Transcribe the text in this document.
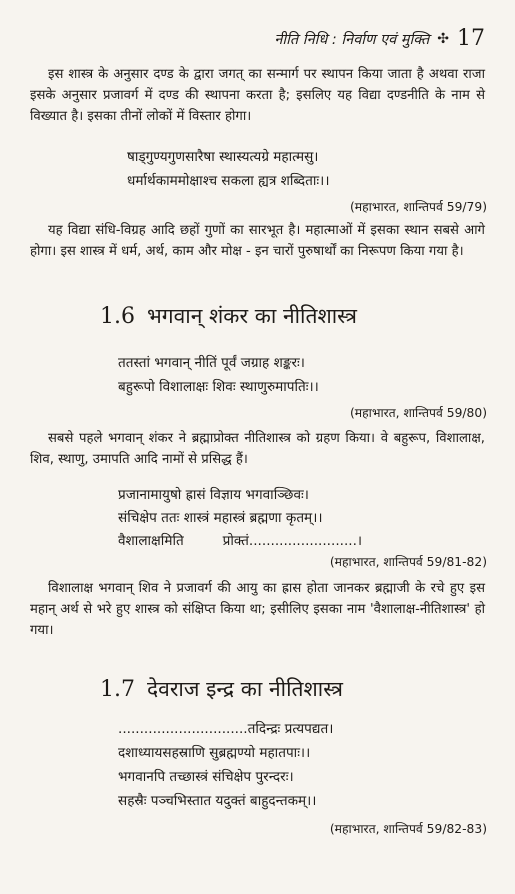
नीति निधि : निर्वाण एवं मुक्ति ✣ 17

इस शास्त्र के अनुसार दण्ड के द्वारा जगत् का सन्मार्ग पर स्थापन किया जाता है अथवा राजा इसके अनुसार प्रजावर्ग में दण्ड की स्थापना करता है; इसलिए यह विद्या दण्डनीति के नाम से विख्यात है। इसका तीनों लोकों में विस्तार होगा।

षाड्गुण्यगुणसारैषा स्थास्यत्यग्रे महात्मसु।
धर्मार्थकाममोक्षाश्च सकला ह्यत्र शब्दिताः।।
(महाभारत, शान्तिपर्व 59/79)

यह विद्या संधि-विग्रह आदि छहों गुणों का सारभूत है। महात्माओं में इसका स्थान सबसे आगे होगा। इस शास्त्र में धर्म, अर्थ, काम और मोक्ष - इन चारों पुरुषार्थों का निरूपण किया गया है।

1.6 भगवान् शंकर का नीतिशास्त्र
ततस्तां भगवान् नीतिं पूर्वं जग्राह शङ्करः।
बहुरूपो विशालाक्षः शिवः स्थाणुरुमापतिः।।
(महाभारत, शान्तिपर्व 59/80)

सबसे पहले भगवान् शंकर ने ब्रह्माप्रोक्त नीतिशास्त्र को ग्रहण किया। वे बहुरूप, विशालाक्ष, शिव, स्थाणु, उमापति आदि नामों से प्रसिद्ध हैं।

प्रजानामायुषो ह्रासं विज्ञाय भगवाञ्छिवः।
संचिक्षेप ततः शास्त्रं महास्त्रं ब्रह्मणा कृतम्।।
वैशालाक्षमिति         प्रोक्तं.........................।
(महाभारत, शान्तिपर्व 59/81-82)

विशालाक्ष भगवान् शिव ने प्रजावर्ग की आयु का ह्रास होता जानकर ब्रह्माजी के रचे हुए इस महान् अर्थ से भरे हुए शास्त्र को संक्षिप्त किया था; इसीलिए इसका नाम 'वैशालाक्ष-नीतिशास्त्र' हो गया।

1.7 देवराज इन्द्र का नीतिशास्त्र
..............................तदिन्द्रः प्रत्यपद्यत।
दशाध्यायसहस्राणि सुब्रह्मण्यो महातपाः।।
भगवानपि तच्छास्त्रं संचिक्षेप पुरन्दरः।
सहस्रैः पञ्चभिस्तात यदुक्तं बाहुदन्तकम्।।
(महाभारत, शान्तिपर्व 59/82-83)
